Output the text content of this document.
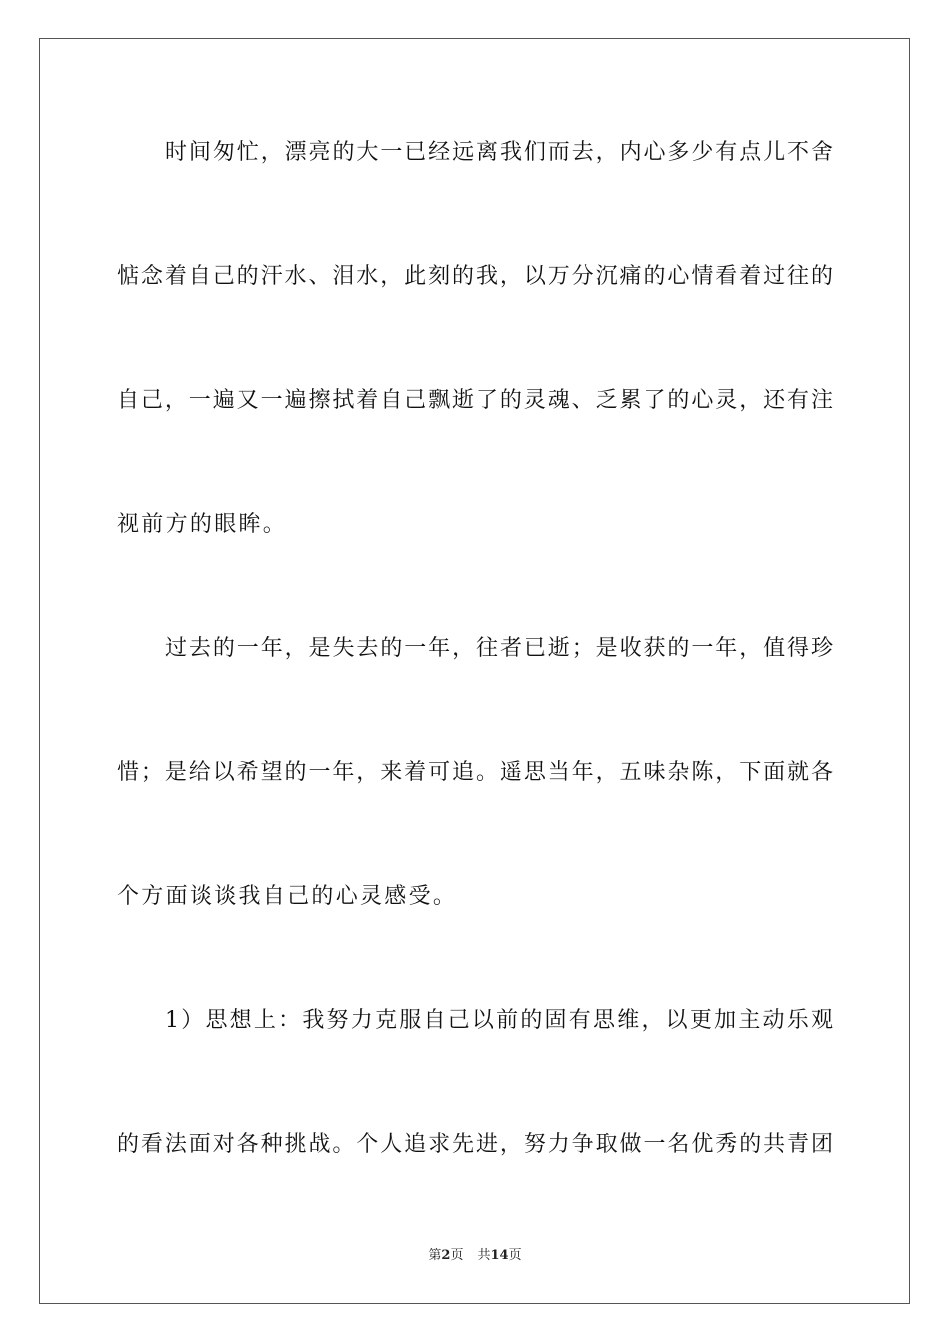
时间匆忙，漂亮的大一已经远离我们而去，内心多少有点儿不舍
惦念着自己的汗水、泪水，此刻的我，以万分沉痛的心情看着过往的
自己，一遍又一遍擦拭着自己飘逝了的灵魂、乏累了的心灵，还有注
视前方的眼眸。
过去的一年，是失去的一年，往者已逝；是收获的一年，值得珍
惜；是给以希望的一年，来着可追。遥思当年，五味杂陈，下面就各
个方面谈谈我自己的心灵感受。
1）思想上：我努力克服自己以前的固有思维，以更加主动乐观
的看法面对各种挑战。个人追求先进，努力争取做一名优秀的共青团
第2页 共14页
